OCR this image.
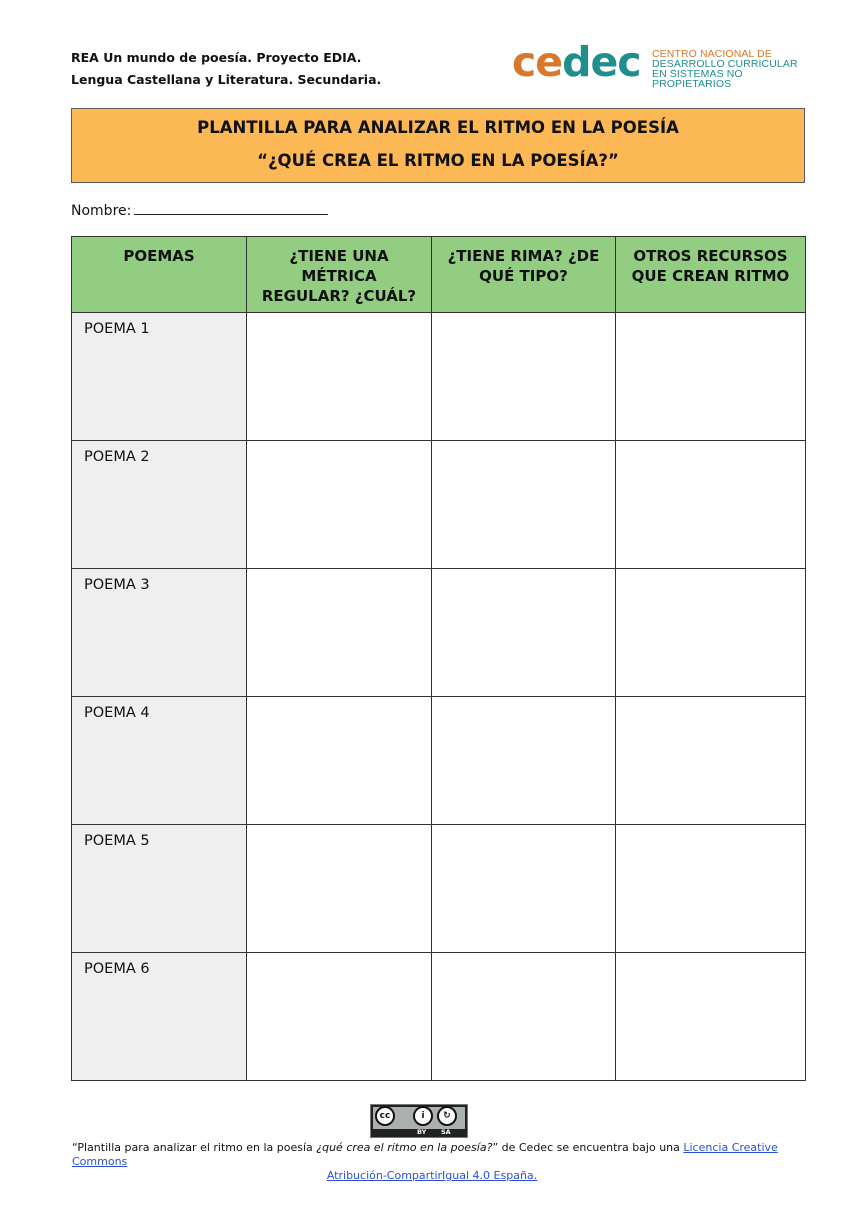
REA Un mundo de poesía. Proyecto EDIA.
Lengua Castellana y Literatura. Secundaria.	cedec CENTRO NACIONAL DE
DESARROLLO CURRICULAR
EN SISTEMAS NO PROPIETARIOS
PLANTILLA PARA ANALIZAR EL RITMO EN LA POESÍA
“¿QUÉ CREA EL RITMO EN LA POESÍA?”
Nombre:
POEMAS	¿TIENE UNA MÉTRICA REGULAR? ¿CUÁL?	¿TIENE RIMA? ¿DE QUÉ TIPO?	OTROS RECURSOS QUE CREAN RITMO
POEMA 1			
POEMA 2			
POEMA 3			
POEMA 4			
POEMA 5			
POEMA 6			
cc	i	↻
BY SA
“Plantilla para analizar el ritmo en la poesía ¿qué crea el ritmo en la poesía?” de Cedec se encuentra bajo una Licencia Creative Commons
Atribución-CompartirIgual 4.0 España.
